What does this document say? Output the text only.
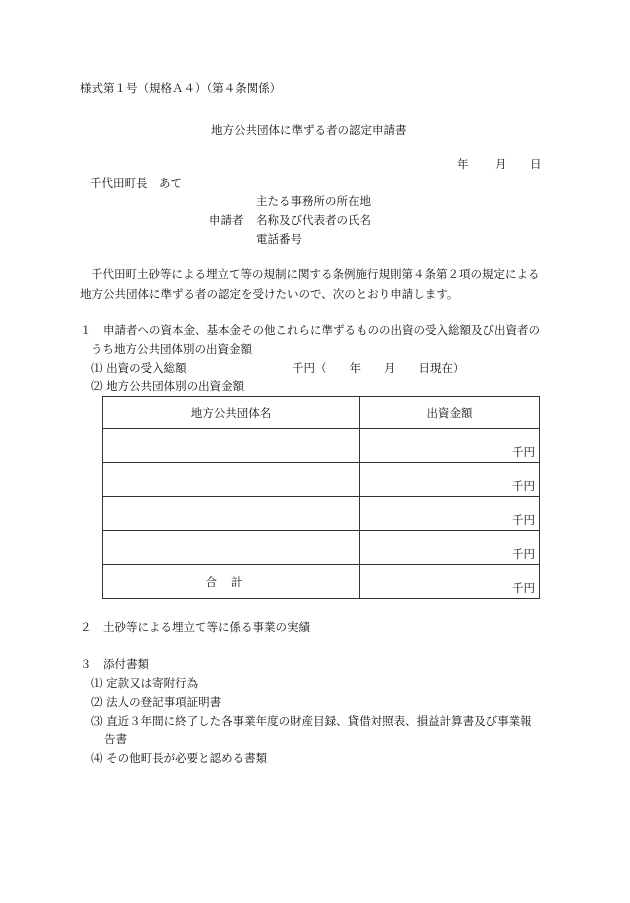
様式第１号（規格Ａ４）（第４条関係）
地方公共団体に準ずる者の認定申請書
年 月 日
千代田町長　あて
主たる事務所の所在地
申請者 名称及び代表者の氏名
電話番号
千代田町土砂等による埋立て等の規制に関する条例施行規則第４条第２項の規定による
地方公共団体に準ずる者の認定を受けたいので、次のとおり申請します。
１　申請者への資本金、基本金その他これらに準ずるものの出資の受入総額及び出資者の
うち地方公共団体別の出資金額
⑴ 出資の受入総額	千円（　　年　　月　　日現在）
⑵ 地方公共団体別の出資金額
地方公共団体名	出資金額
	千円
	千円
	千円
	千円
合計	千円
２　土砂等による埋立て等に係る事業の実績
３　添付書類
⑴ 定款又は寄附行為
⑵ 法人の登記事項証明書
⑶ 直近３年間に終了した各事業年度の財産目録、貸借対照表、損益計算書及び事業報
告書
⑷ その他町長が必要と認める書類
